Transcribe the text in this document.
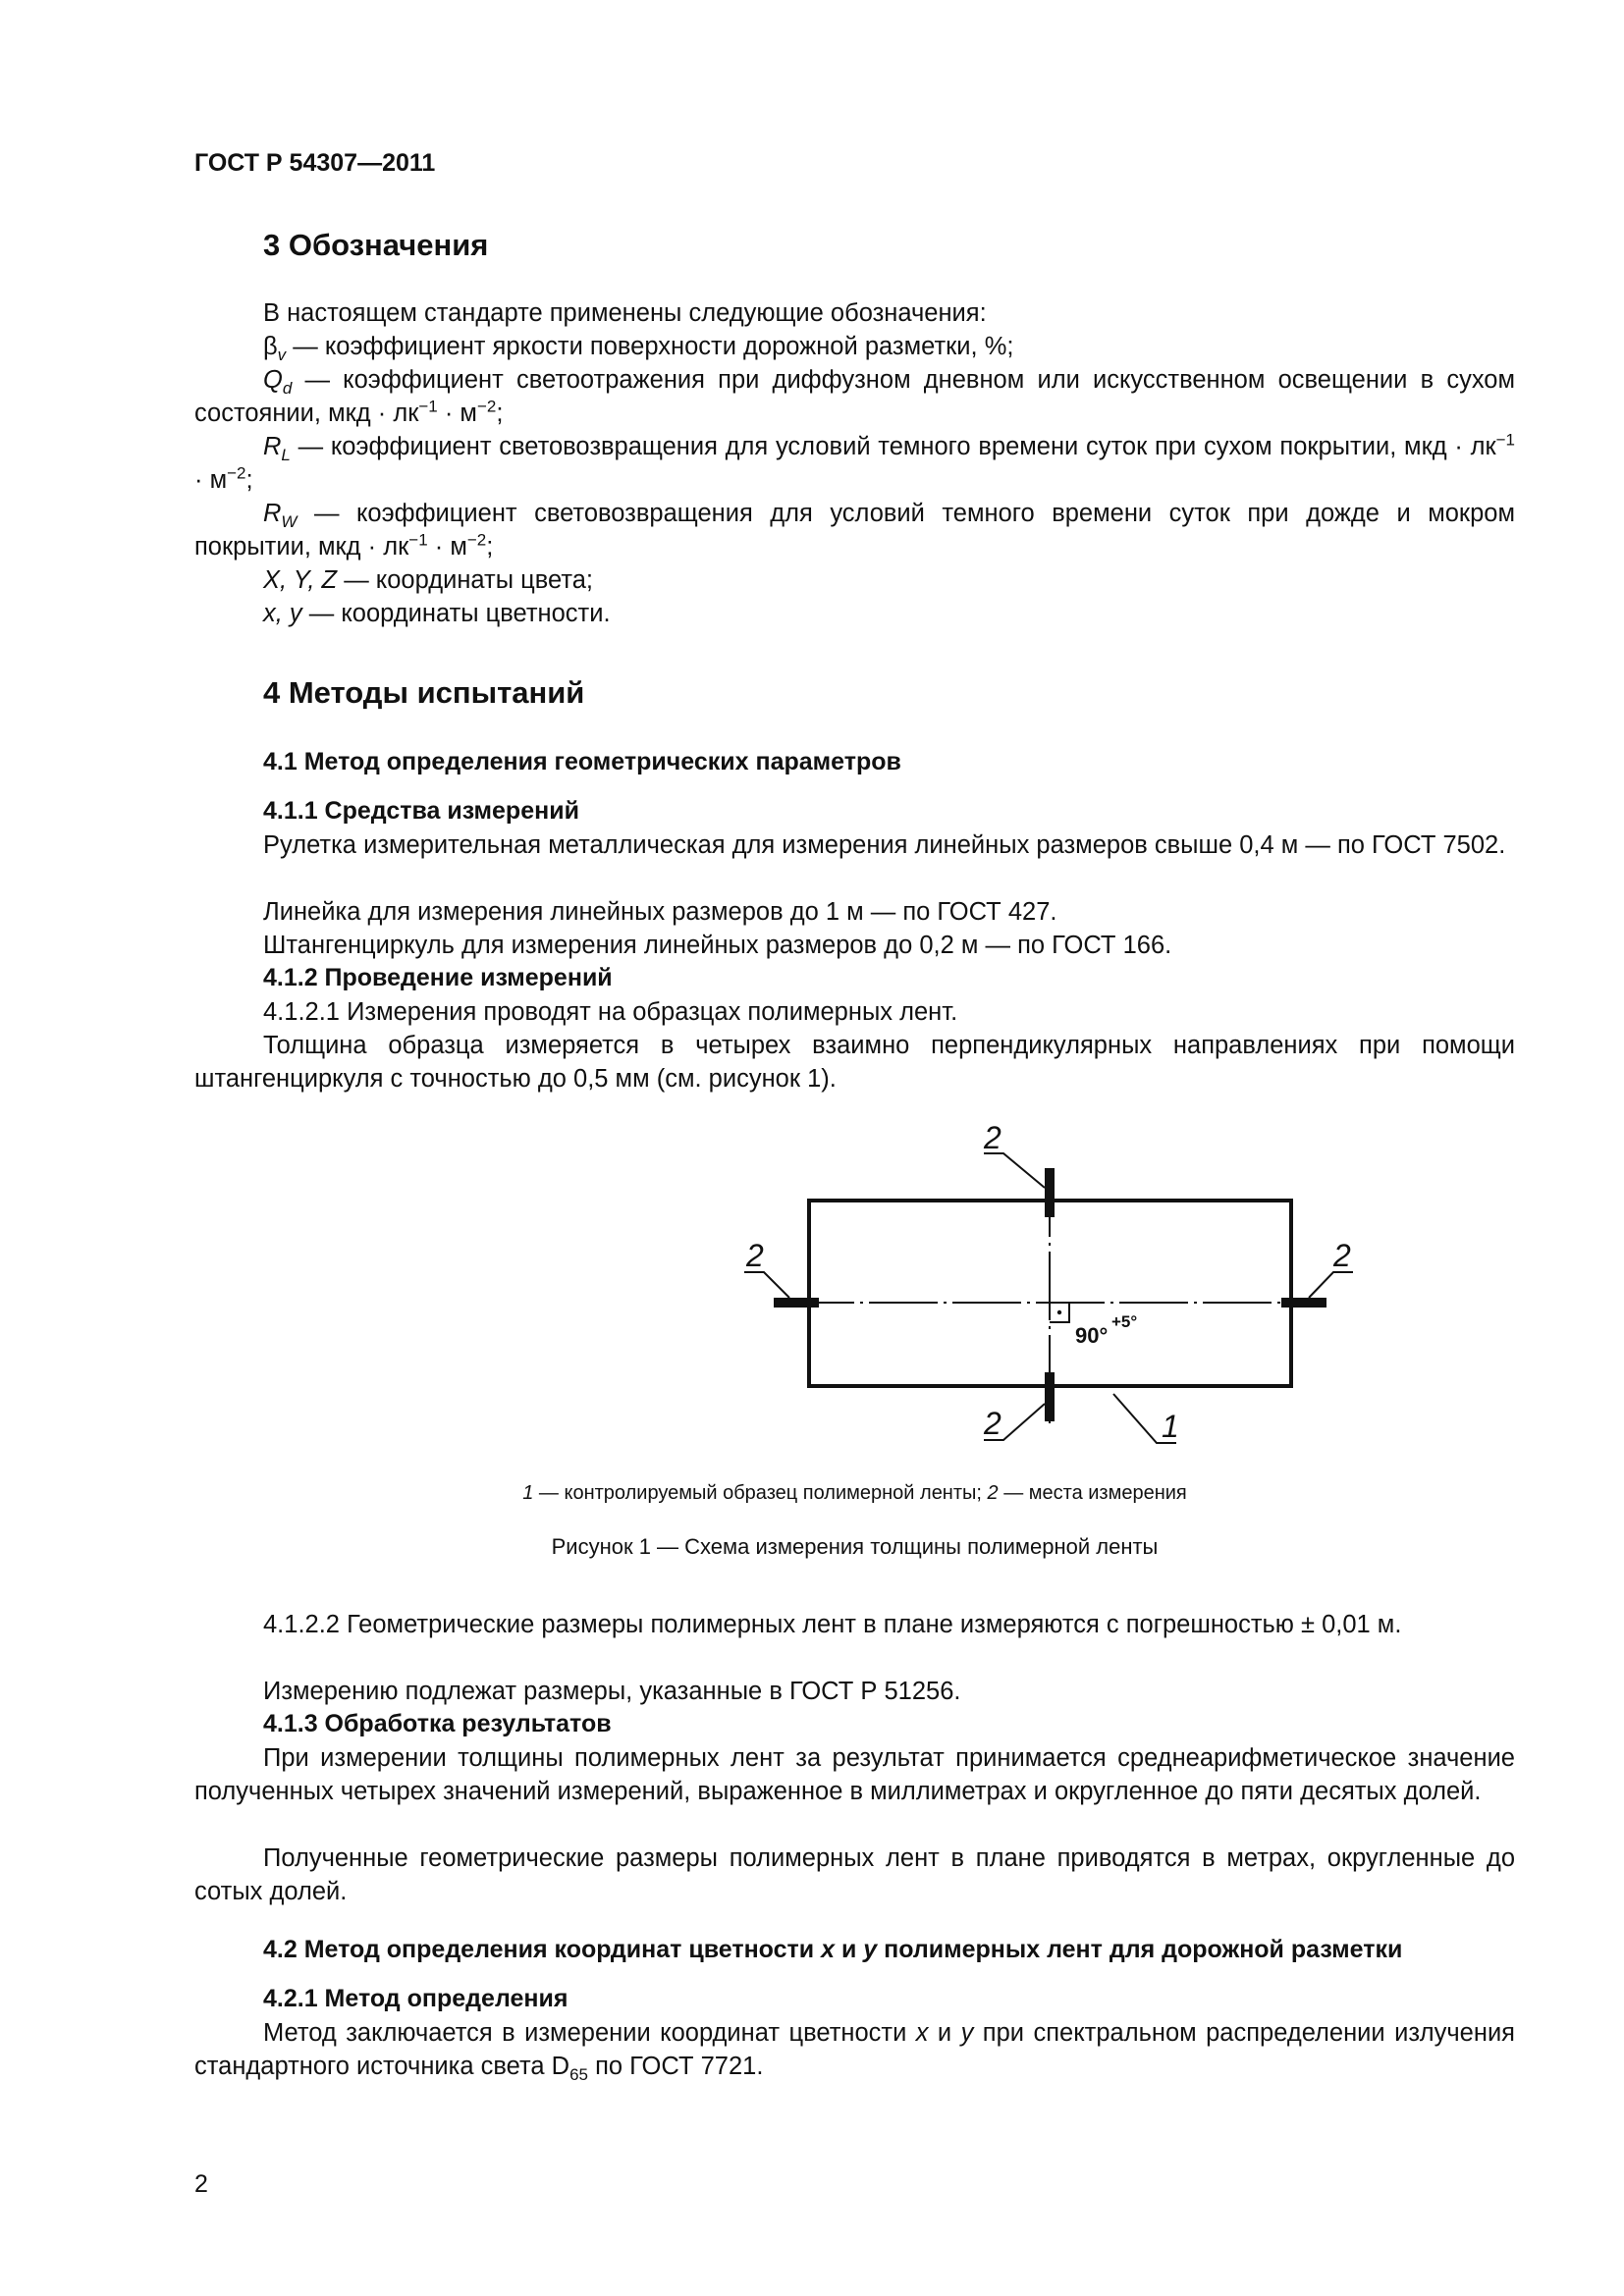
ГОСТ Р 54307—2011
3 Обозначения
В настоящем стандарте применены следующие обозначения:
$\beta_v$ — коэффициент яркости поверхности дорожной разметки, %;
$Q_d$ — коэффициент светоотражения при диффузном дневном или искусственном освещении в сухом состоянии, мкд · $лк^{-1} \cdot м^{-2}$;
$R_L$ — коэффициент световозвращения для условий темного времени суток при сухом покрытии, мкд · $лк^{-1} \cdot м^{-2}$;
$R_W$ — коэффициент световозвращения для условий темного времени суток при дожде и мокром покрытии, мкд · $лк^{-1} \cdot м^{-2}$;
X, Y, Z — координаты цвета;
x, y — координаты цветности.
4 Методы испытаний
4.1 Метод определения геометрических параметров
4.1.1 Средства измерений
Рулетка измерительная металлическая для измерения линейных размеров свыше 0,4 м — по ГОСТ 7502.
Линейка для измерения линейных размеров до 1 м — по ГОСТ 427.
Штангенциркуль для измерения линейных размеров до 0,2 м — по ГОСТ 166.
4.1.2 Проведение измерений
4.1.2.1 Измерения проводят на образцах полимерных лент.
Толщина образца измеряется в четырех взаимно перпендикулярных направлениях при помощи штангенциркуля с точностью до 0,5 мм (см. рисунок 1).
2
2
2	2
1
90°
+5°
1 — контролируемый образец полимерной ленты; 2 — места измерения
Рисунок 1 — Схема измерения толщины полимерной ленты
4.1.2.2 Геометрические размеры полимерных лент в плане измеряются с погрешностью ± 0,01 м.
Измерению подлежат размеры, указанные в ГОСТ Р 51256.
4.1.3 Обработка результатов
При измерении толщины полимерных лент за результат принимается среднеарифметическое значение полученных четырех значений измерений, выраженное в миллиметрах и округленное до пяти десятых долей.
Полученные геометрические размеры полимерных лент в плане приводятся в метрах, округленные до сотых долей.
4.2 Метод определения координат цветности x и y полимерных лент для дорожной разметки
4.2.1 Метод определения
Метод заключается в измерении координат цветности x и y при спектральном распределении излучения стандартного источника света $D_{65}$ по ГОСТ 7721.
2
